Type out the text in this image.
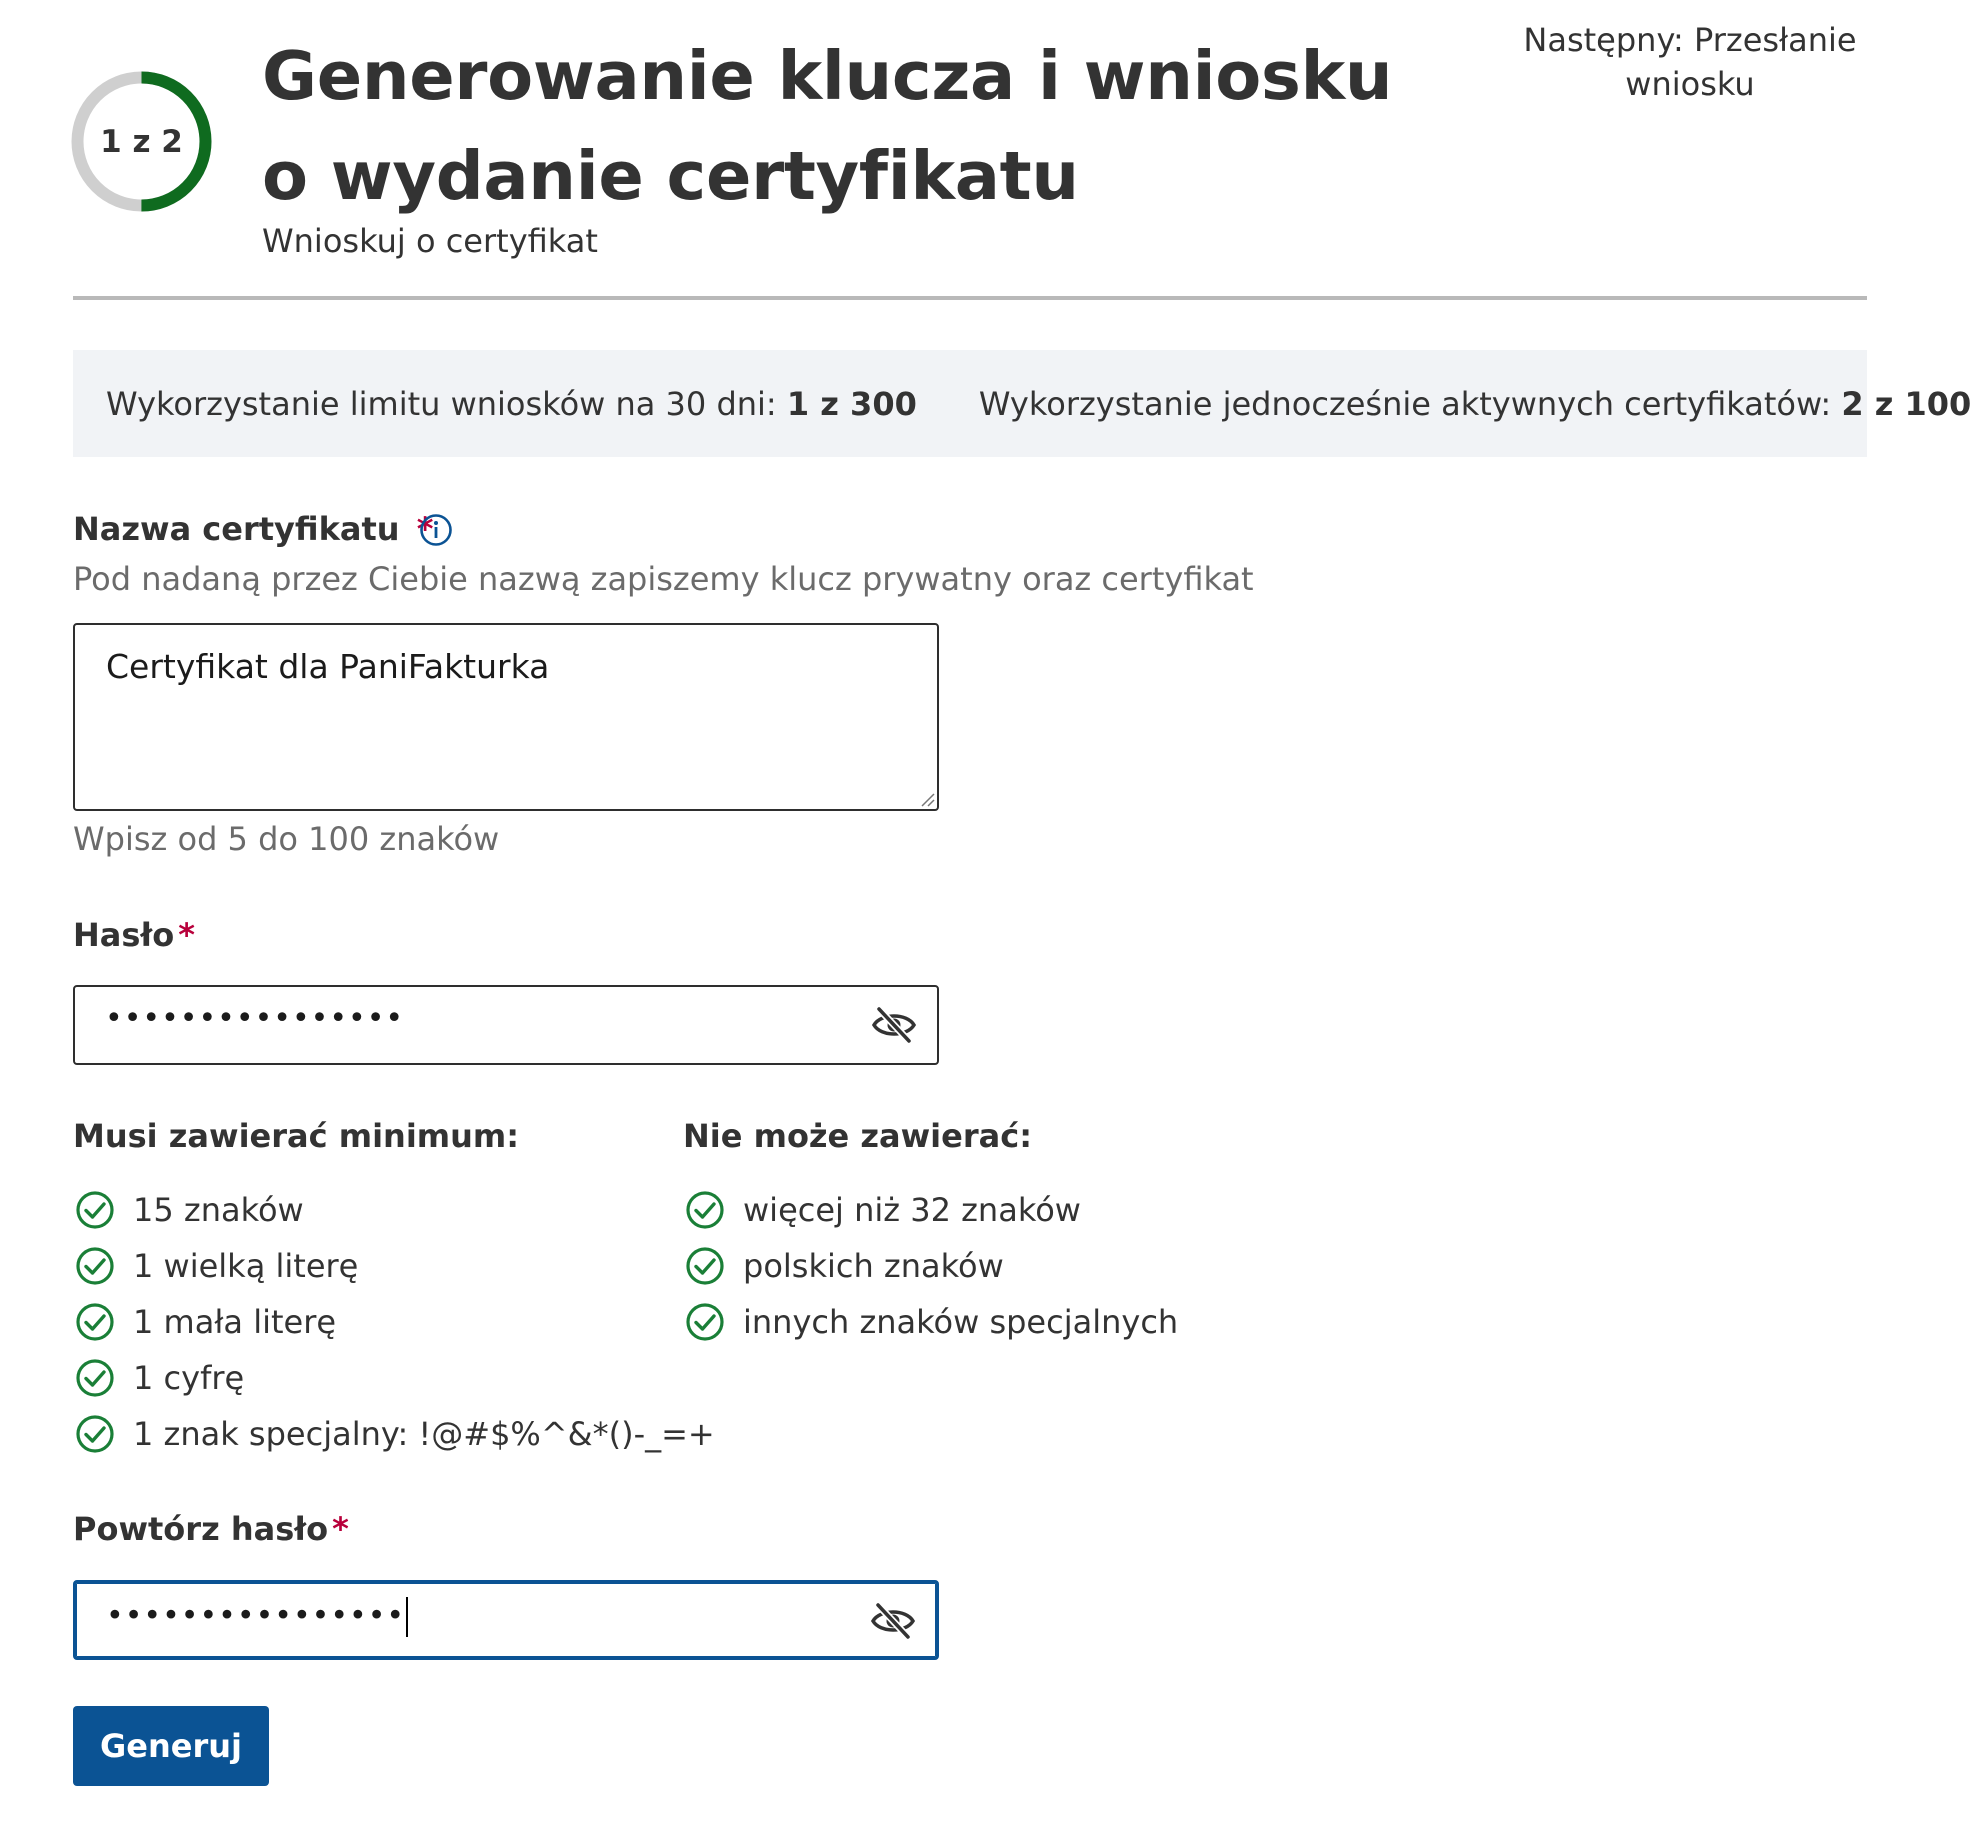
1 z 2
Generowanie klucza i wniosku o wydanie certyfikatu
Wnioskuj o certyfikat
Następny: Przesłanie wniosku
Wykorzystanie limitu wniosków na 30 dni: 1 z 300 Wykorzystanie jednocześnie aktywnych certyfikatów: 2 z 100
Nazwa certyfikatu *
Pod nadaną przez Ciebie nazwą zapiszemy klucz prywatny oraz certyfikat
Certyfikat dla PaniFakturka
Wpisz od 5 do 100 znaków
Hasło *
••••••••••••••••
Musi zawierać minimum:	Nie może zawierać:
15 znaków
1 wielką literę
1 mała literę
1 cyfrę
1 znak specjalny: !@#$%^&*()-_=+
więcej niż 32 znaków
polskich znaków
innych znaków specjalnych
Powtórz hasło *
••••••••••••••••
Generuj
